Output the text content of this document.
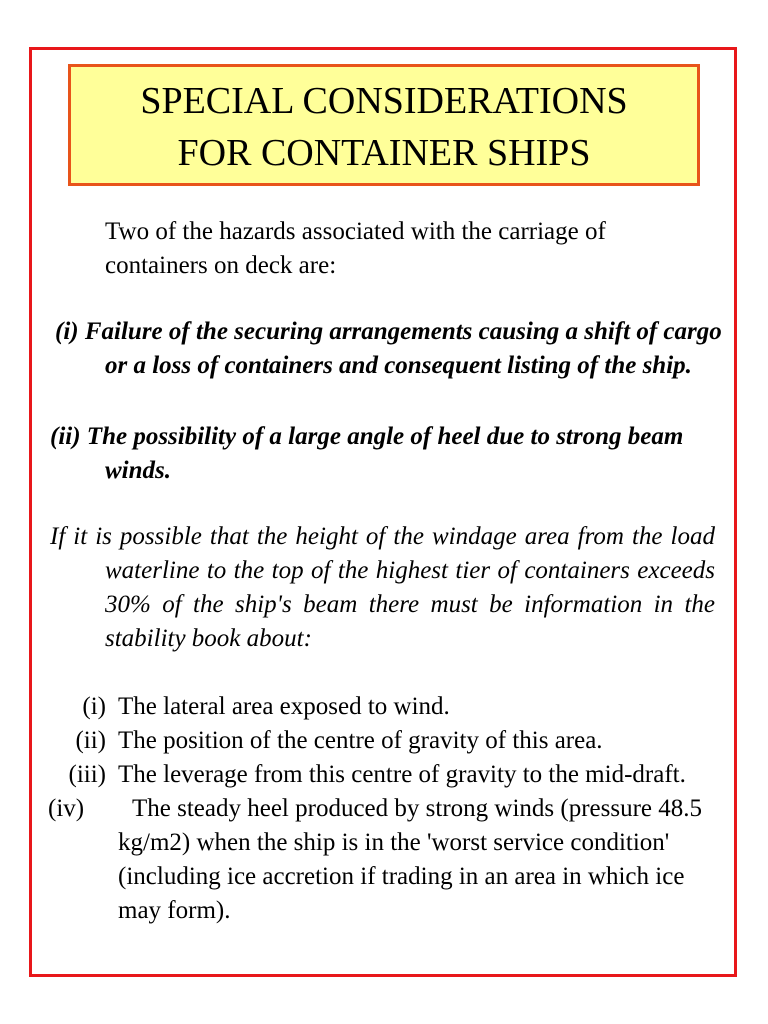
SPECIAL CONSIDERATIONS
FOR CONTAINER SHIPS

Two of the hazards associated with the carriage of containers on deck are:

(i) Failure of the securing arrangements causing a shift of cargo or a loss of containers and consequent listing of the ship.

(ii) The possibility of a large angle of heel due to strong beam winds.

If it is possible that the height of the windage area from the load waterline to the top of the highest tier of containers exceeds 30% of the ship's beam there must be information in the stability book about:

(i) The lateral area exposed to wind.
(ii) The position of the centre of gravity of this area.
(iii) The leverage from this centre of gravity to the mid-draft.
(iv)	The steady heel produced by strong winds (pressure 48.5 kg/m2) when the ship is in the 'worst service condition' (including ice accretion if trading in an area in which ice may form).
